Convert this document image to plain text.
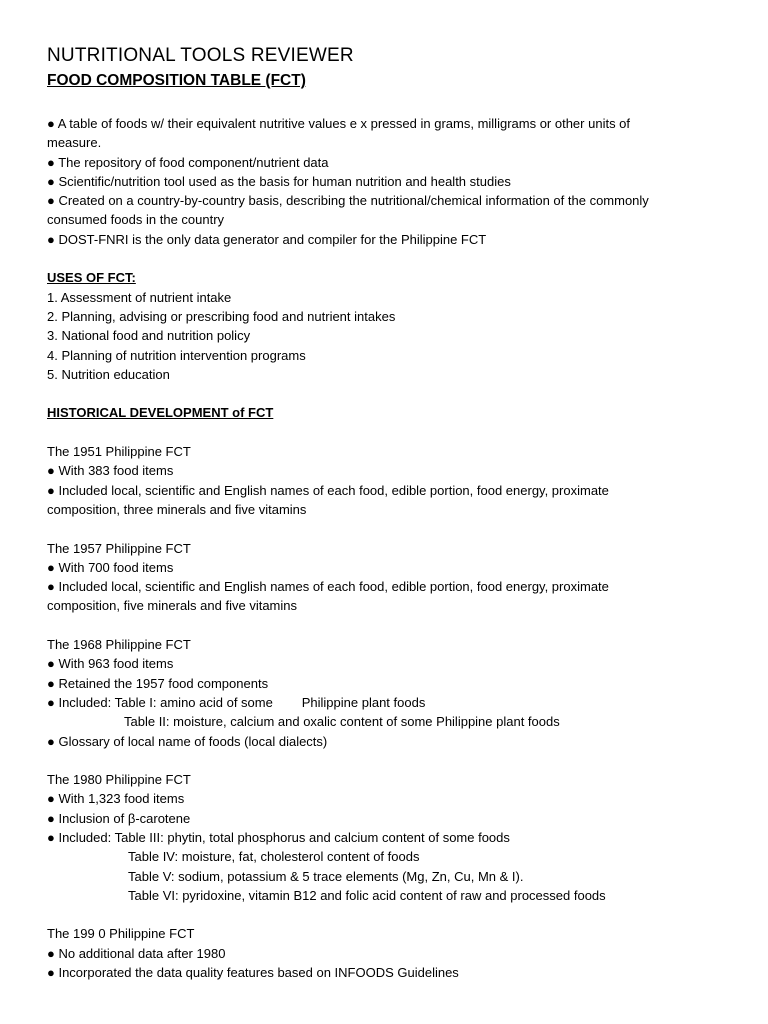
NUTRITIONAL TOOLS REVIEWER
FOOD COMPOSITION TABLE (FCT)
● A table of foods w/ their equivalent nutritive values e x pressed in grams, milligrams or other units of
measure.
● The repository of food component/nutrient data
● Scientific/nutrition tool used as the basis for human nutrition and health studies
● Created on a country-by-country basis, describing the nutritional/chemical information of the commonly
consumed foods in the country
● DOST-FNRI is the only data generator and compiler for the Philippine FCT
USES OF FCT:
1. Assessment of nutrient intake
2. Planning, advising or prescribing food and nutrient intakes
3. National food and nutrition policy
4. Planning of nutrition intervention programs
5. Nutrition education
HISTORICAL DEVELOPMENT of FCT
The 1951 Philippine FCT
● With 383 food items
● Included local, scientific and English names of each food, edible portion, food energy, proximate
composition, three minerals and five vitamins
The 1957 Philippine FCT
● With 700 food items
● Included local, scientific and English names of each food, edible portion, food energy, proximate
composition, five minerals and five vitamins
The 1968 Philippine FCT
● With 963 food items
● Retained the 1957 food components
● Included: Table I: amino acid of some        Philippine plant foods
Table II: moisture, calcium and oxalic content of some Philippine plant foods
● Glossary of local name of foods (local dialects)
The 1980 Philippine FCT
● With 1,323 food items
● Inclusion of β-carotene
● Included: Table III: phytin, total phosphorus and calcium content of some foods
Table IV: moisture, fat, cholesterol content of foods
Table V: sodium, potassium & 5 trace elements (Mg, Zn, Cu, Mn & I).
Table VI: pyridoxine, vitamin B12 and folic acid content of raw and processed foods
The 199 0 Philippine FCT
● No additional data after 1980
● Incorporated the data quality features based on INFOODS Guidelines
